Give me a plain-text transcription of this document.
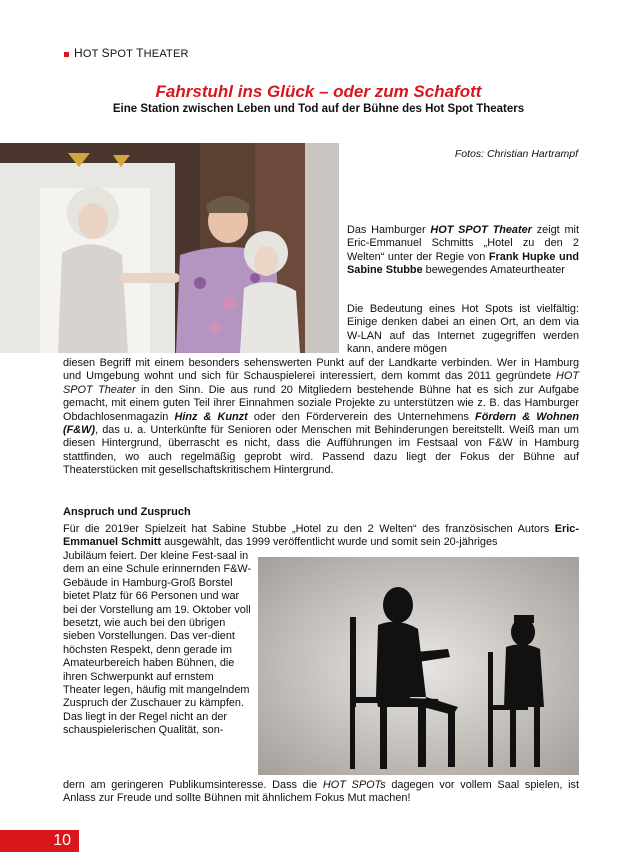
HOT SPOT THEATER
Fahrstuhl ins Glück – oder zum Schafott
Eine Station zwischen Leben und Tod auf der Bühne des Hot Spot Theaters
Fotos: Christian Hartrampf
Das Hamburger HOT SPOT Theater zeigt mit Eric-Emmanuel Schmitts „Hotel zu den 2 Welten“ unter der Regie von Frank Hupke und Sabine Stubbe bewegendes Amateurtheater
Die Bedeutung eines Hot Spots ist vielfältig: Einige denken dabei an einen Ort, an dem via W-LAN auf das Internet zugegriffen werden kann, andere mögen
diesen Begriff mit einem besonders sehenswerten Punkt auf der Landkarte verbinden. Wer in Hamburg und Umgebung wohnt und sich für Schauspielerei interessiert, dem kommt das 2011 gegründete HOT SPOT Theater in den Sinn. Die aus rund 20 Mitgliedern bestehende Bühne hat es sich zur Aufgabe gemacht, mit einem guten Teil ihrer Einnahmen soziale Projekte zu unterstützen wie z. B. das Hamburger Obdachlosenmagazin Hinz & Kunzt oder den Förderverein des Unternehmens Fördern & Wohnen (F&W), das u. a. Unterkünfte für Senioren oder Menschen mit Behinderungen bereitstellt. Weiß man um diesen Hintergrund, überrascht es nicht, dass die Aufführungen im Festsaal von F&W in Hamburg stattfinden, wo auch regelmäßig geprobt wird. Passend dazu liegt der Fokus der Bühne auf Theaterstücken mit gesellschaftskritischem Hintergrund.
Anspruch und Zuspruch
Für die 2019er Spielzeit hat Sabine Stubbe „Hotel zu den 2 Welten“ des französischen Autors Eric-Emmanuel Schmitt ausgewählt, das 1999 veröffentlicht wurde und somit sein 20-jähriges
Jubiläum feiert. Der kleine Fest-saal in dem an eine Schule erinnernden F&W-Gebäude in Hamburg-Groß Borstel bietet Platz für 66 Personen und war bei der Vorstellung am 19. Oktober voll besetzt, wie auch bei den übrigen sieben Vorstellungen. Das ver-dient höchsten Respekt, denn gerade im Amateurbereich haben Bühnen, die ihren Schwerpunkt auf ernstem Theater legen, häufig mit mangelndem Zuspruch der Zuschauer zu kämpfen. Das liegt in der Regel nicht an der schauspielerischen Qualität, son-
dern am geringeren Publikumsinteresse. Dass die HOT SPOTs dagegen vor vollem Saal spielen, ist Anlass zur Freude und sollte Bühnen mit ähnlichem Fokus Mut machen!
10
